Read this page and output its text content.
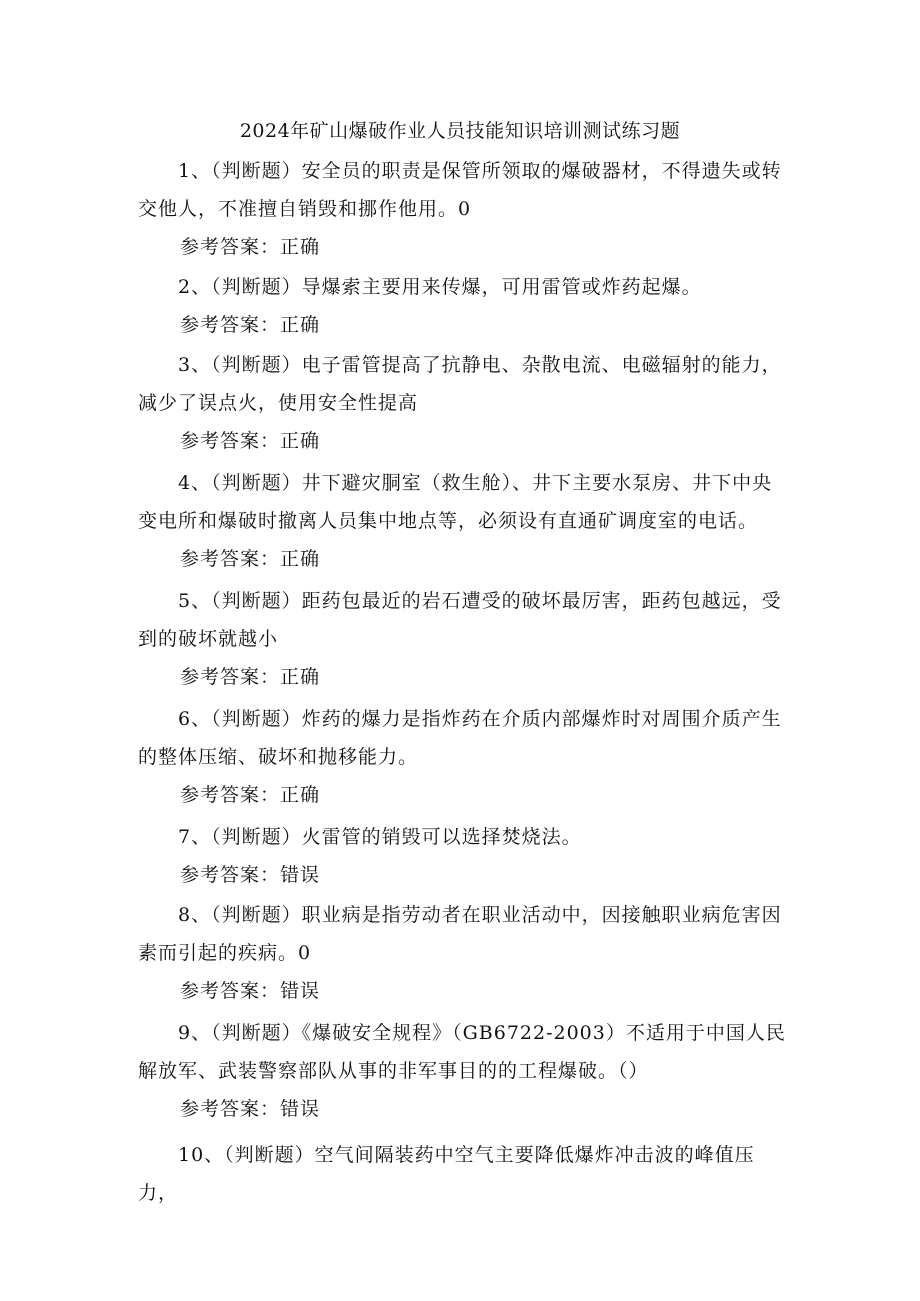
2024年矿山爆破作业人员技能知识培训测试练习题

1、（判断题）安全员的职责是保管所领取的爆破器材，不得遗失或转交他人，不准擅自销毁和挪作他用。0

参考答案：正确

2、（判断题）导爆索主要用来传爆，可用雷管或炸药起爆。

参考答案：正确

3、（判断题）电子雷管提高了抗静电、杂散电流、电磁辐射的能力，减少了误点火，使用安全性提高

参考答案：正确

4、（判断题）井下避灾胴室（救生舱）、井下主要水泵房、井下中央变电所和爆破时撤离人员集中地点等，必须设有直通矿调度室的电话。

参考答案：正确

5、（判断题）距药包最近的岩石遭受的破坏最厉害，距药包越远，受到的破坏就越小

参考答案：正确

6、（判断题）炸药的爆力是指炸药在介质内部爆炸时对周围介质产生的整体压缩、破坏和抛移能力。

参考答案：正确

7、（判断题）火雷管的销毁可以选择焚烧法。

参考答案：错误

8、（判断题）职业病是指劳动者在职业活动中，因接触职业病危害因素而引起的疾病。0

参考答案：错误

9、（判断题）《爆破安全规程》（GB6722-2003）不适用于中国人民解放军、武装警察部队从事的非军事目的的工程爆破。（）

参考答案：错误

10、（判断题）空气间隔装药中空气主要降低爆炸冲击波的峰值压力，
